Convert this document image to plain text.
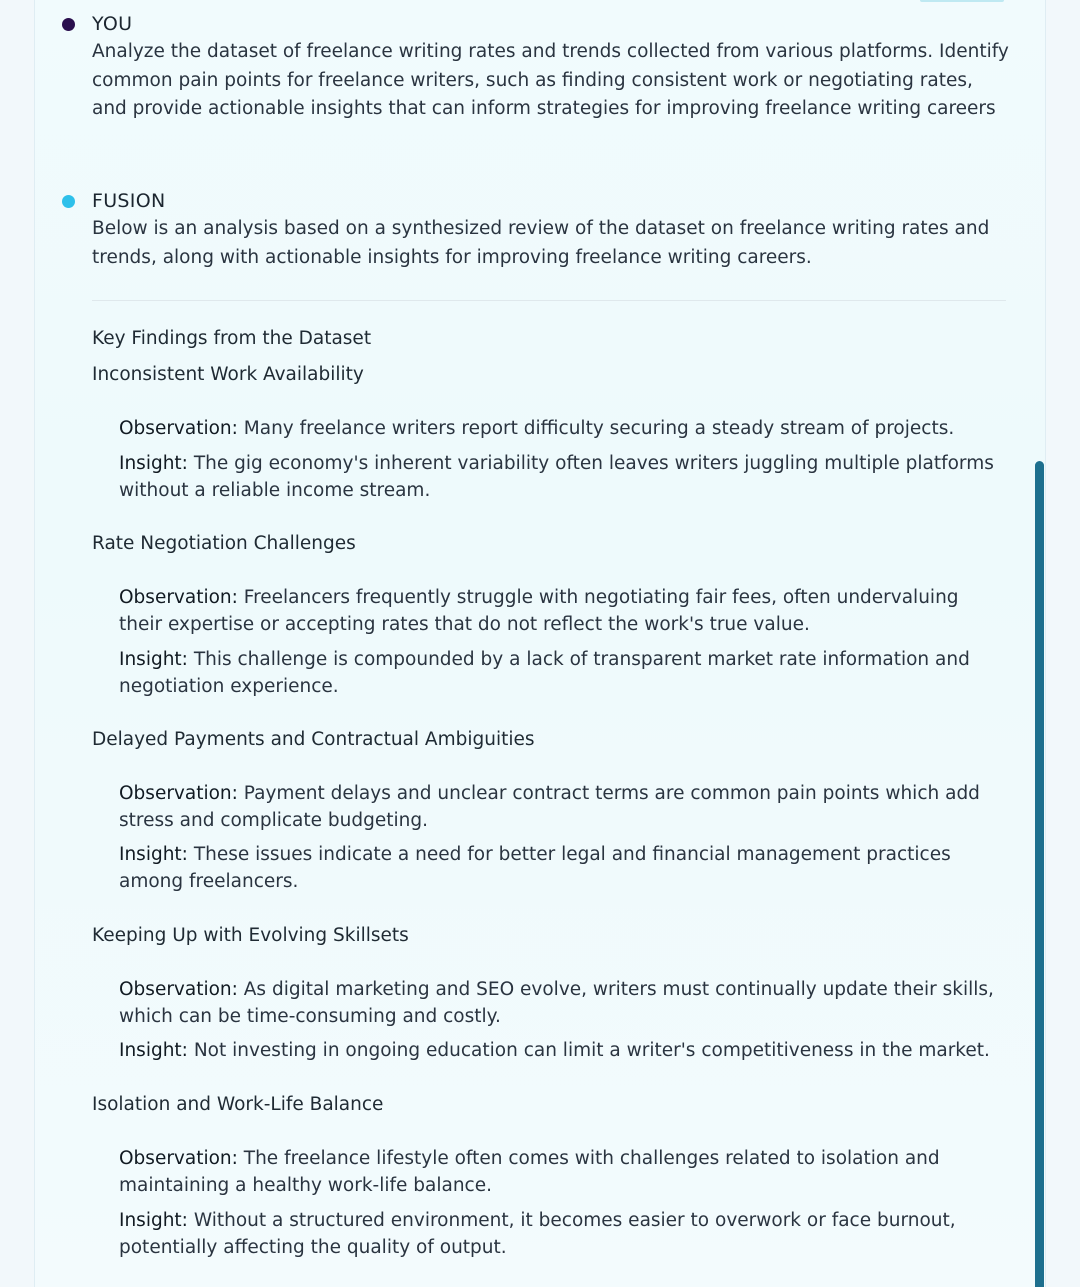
YOU
Analyze the dataset of freelance writing rates and trends collected from various platforms. Identify common pain points for freelance writers, such as finding consistent work or negotiating rates, and provide actionable insights that can inform strategies for improving freelance writing careers
FUSION
Below is an analysis based on a synthesized review of the dataset on freelance writing rates and trends, along with actionable insights for improving freelance writing careers.
Key Findings from the Dataset
Inconsistent Work Availability
Observation: Many freelance writers report difficulty securing a steady stream of projects.
Insight: The gig economy's inherent variability often leaves writers juggling multiple platforms without a reliable income stream.
Rate Negotiation Challenges
Observation: Freelancers frequently struggle with negotiating fair fees, often undervaluing their expertise or accepting rates that do not reflect the work's true value.
Insight: This challenge is compounded by a lack of transparent market rate information and negotiation experience.
Delayed Payments and Contractual Ambiguities
Observation: Payment delays and unclear contract terms are common pain points which add stress and complicate budgeting.
Insight: These issues indicate a need for better legal and financial management practices among freelancers.
Keeping Up with Evolving Skillsets
Observation: As digital marketing and SEO evolve, writers must continually update their skills, which can be time-consuming and costly.
Insight: Not investing in ongoing education can limit a writer's competitiveness in the market.
Isolation and Work-Life Balance
Observation: The freelance lifestyle often comes with challenges related to isolation and maintaining a healthy work-life balance.
Insight: Without a structured environment, it becomes easier to overwork or face burnout, potentially affecting the quality of output.
